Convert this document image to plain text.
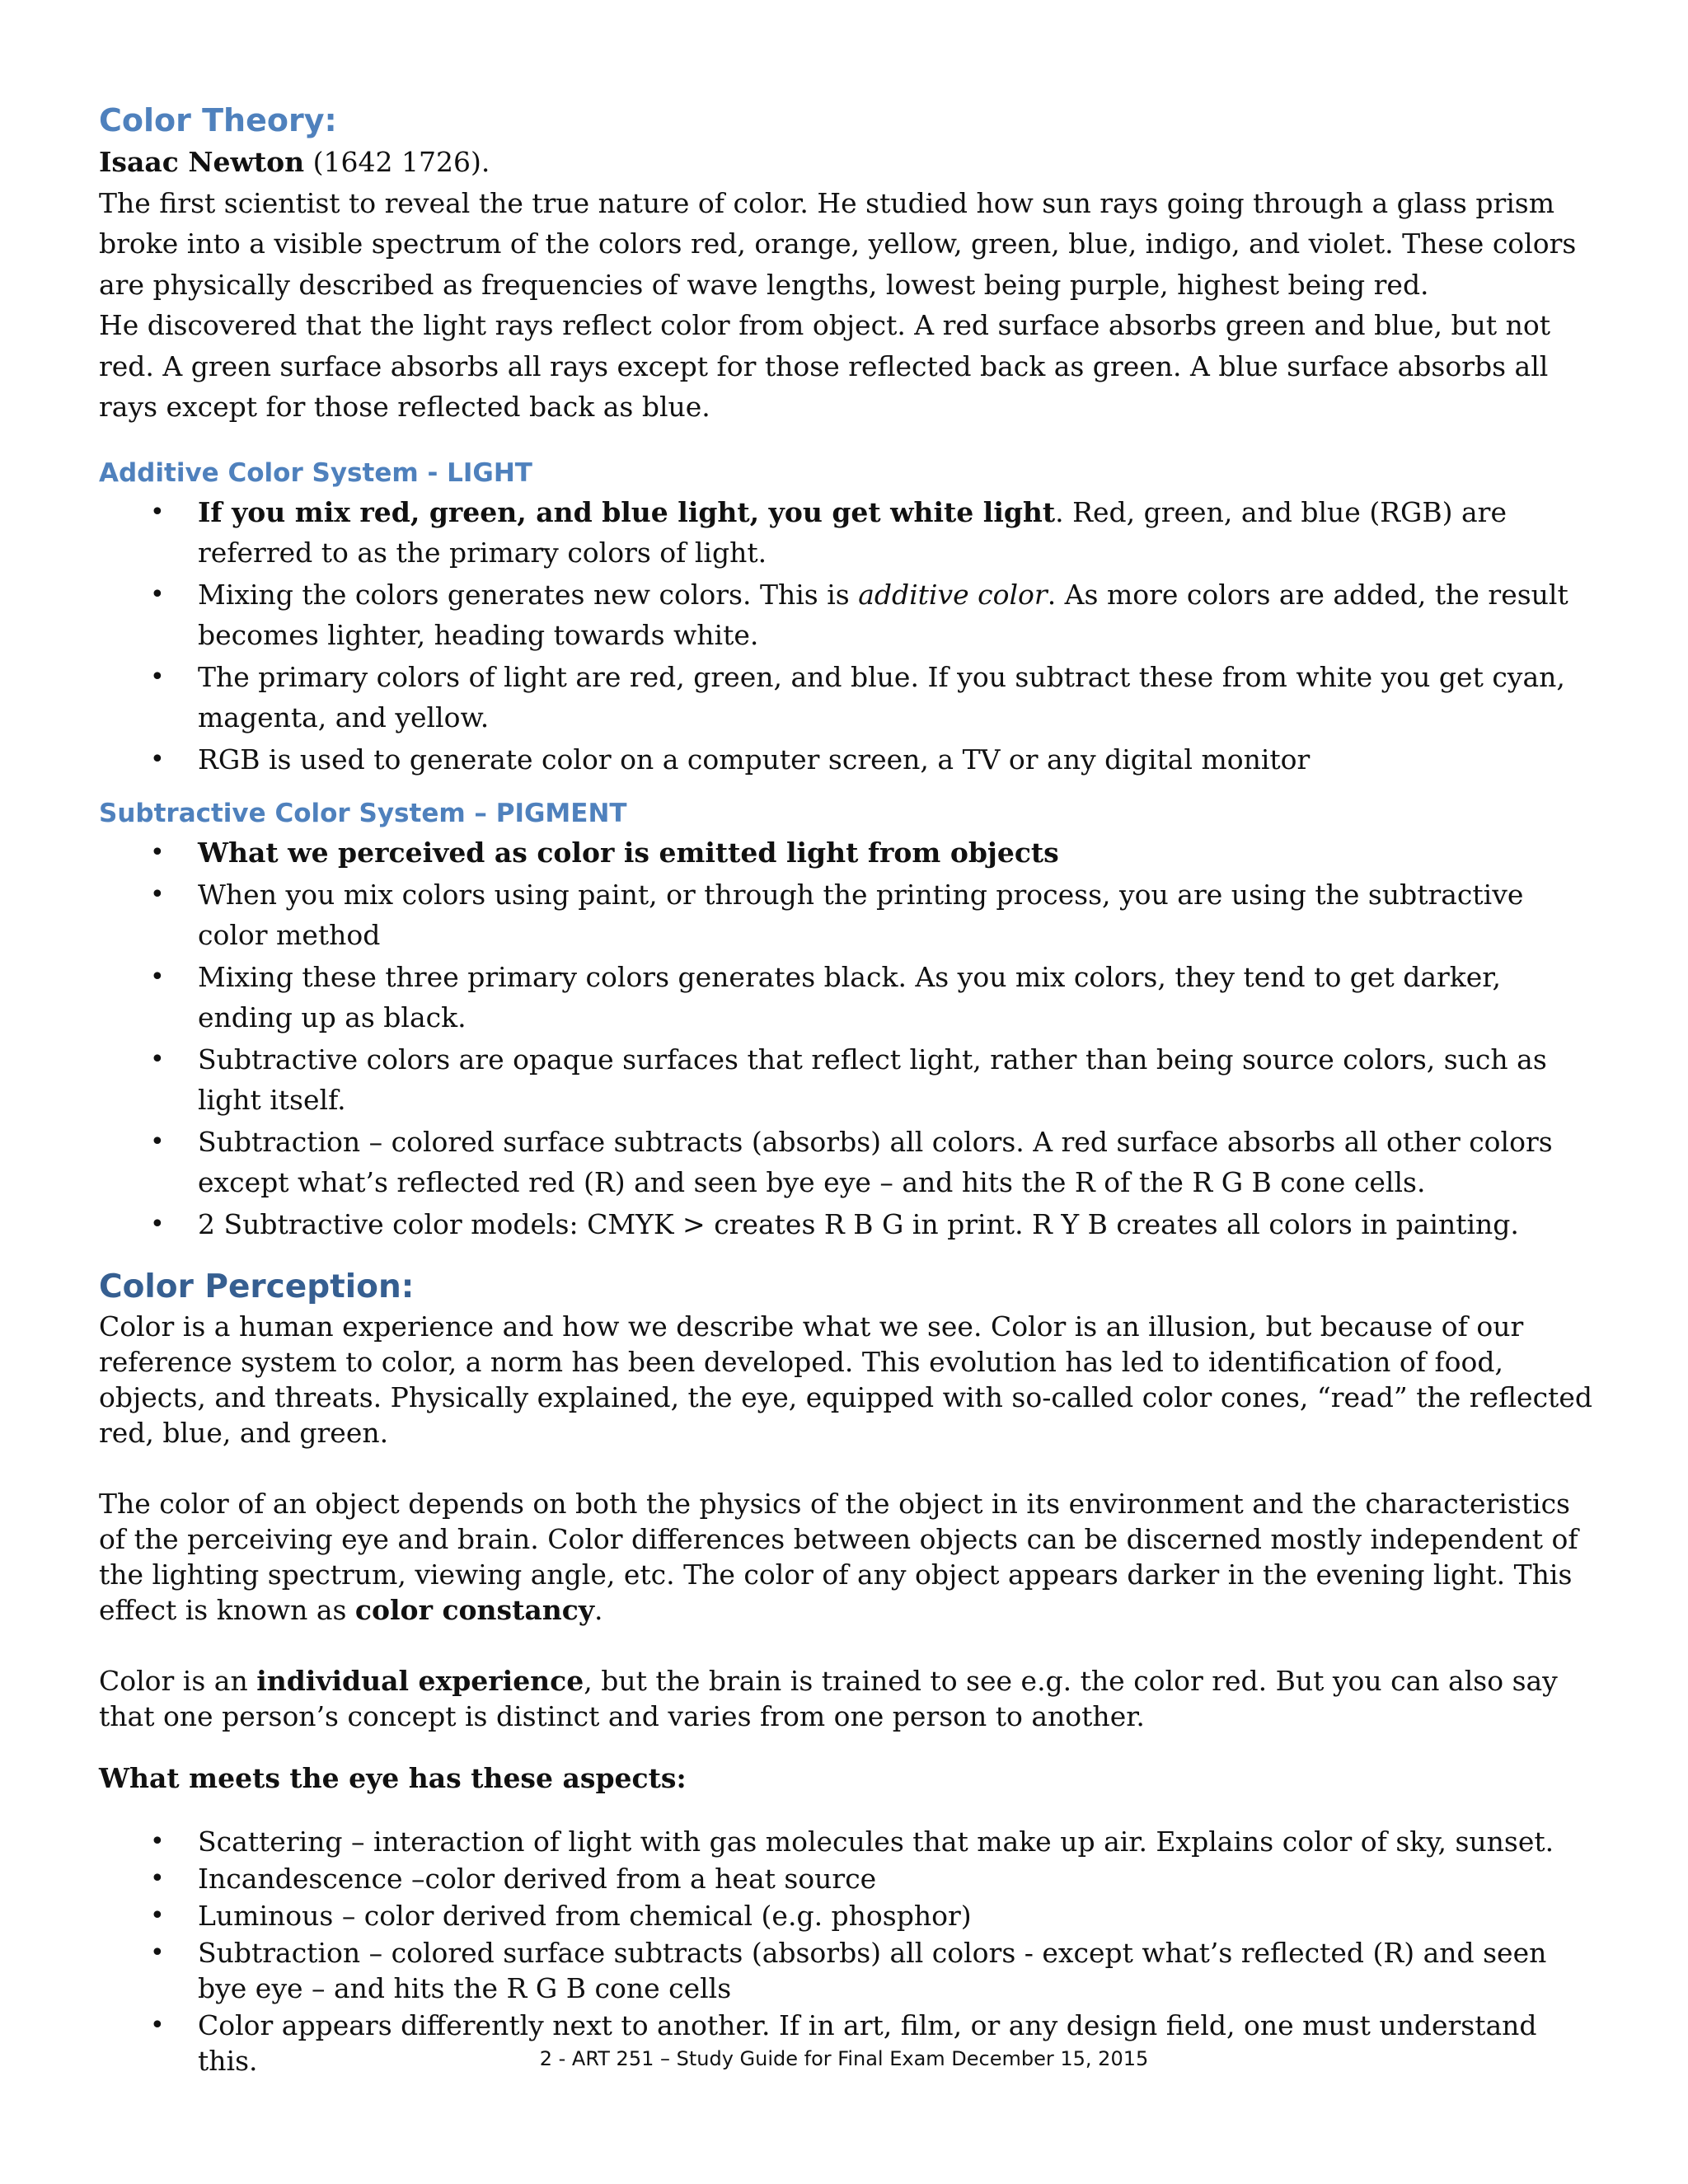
Color Theory:

Isaac Newton (1642 1726).

The first scientist to reveal the true nature of color. He studied how sun rays going through a glass prism broke into a visible spectrum of the colors red, orange, yellow, green, blue, indigo, and violet. These colors are physically described as frequencies of wave lengths, lowest being purple, highest being red.

He discovered that the light rays reflect color from object. A red surface absorbs green and blue, but not red. A green surface absorbs all rays except for those reflected back as green. A blue surface absorbs all rays except for those reflected back as blue.

Additive Color System - LIGHT
• If you mix red, green, and blue light, you get white light. Red, green, and blue (RGB) are referred to as the primary colors of light.
• Mixing the colors generates new colors. This is additive color. As more colors are added, the result becomes lighter, heading towards white.
• The primary colors of light are red, green, and blue. If you subtract these from white you get cyan, magenta, and yellow.
• RGB is used to generate color on a computer screen, a TV or any digital monitor
Subtractive Color System – PIGMENT
• What we perceived as color is emitted light from objects
• When you mix colors using paint, or through the printing process, you are using the subtractive color method
• Mixing these three primary colors generates black. As you mix colors, they tend to get darker, ending up as black.
• Subtractive colors are opaque surfaces that reflect light, rather than being source colors, such as light itself.
• Subtraction – colored surface subtracts (absorbs) all colors. A red surface absorbs all other colors except what’s reflected red (R) and seen bye eye – and hits the R of the R G B cone cells.
• 2 Subtractive color models: CMYK > creates R B G in print. R Y B creates all colors in painting.
Color Perception:

Color is a human experience and how we describe what we see. Color is an illusion, but because of our reference system to color, a norm has been developed. This evolution has led to identification of food, objects, and threats. Physically explained, the eye, equipped with so-called color cones, “read” the reflected red, blue, and green.

The color of an object depends on both the physics of the object in its environment and the characteristics of the perceiving eye and brain. Color differences between objects can be discerned mostly independent of the lighting spectrum, viewing angle, etc. The color of any object appears darker in the evening light. This effect is known as color constancy.

Color is an individual experience, but the brain is trained to see e.g. the color red. But you can also say that one person’s concept is distinct and varies from one person to another.

What meets the eye has these aspects:

• Scattering – interaction of light with gas molecules that make up air. Explains color of sky, sunset.
• Incandescence –color derived from a heat source
• Luminous – color derived from chemical (e.g. phosphor)
• Subtraction – colored surface subtracts (absorbs) all colors - except what’s reflected (R) and seen bye eye – and hits the R G B cone cells
• Color appears differently next to another. If in art, film, or any design field, one must understand this.	2 - ART 251 – Study Guide for Final Exam December 15, 2015
